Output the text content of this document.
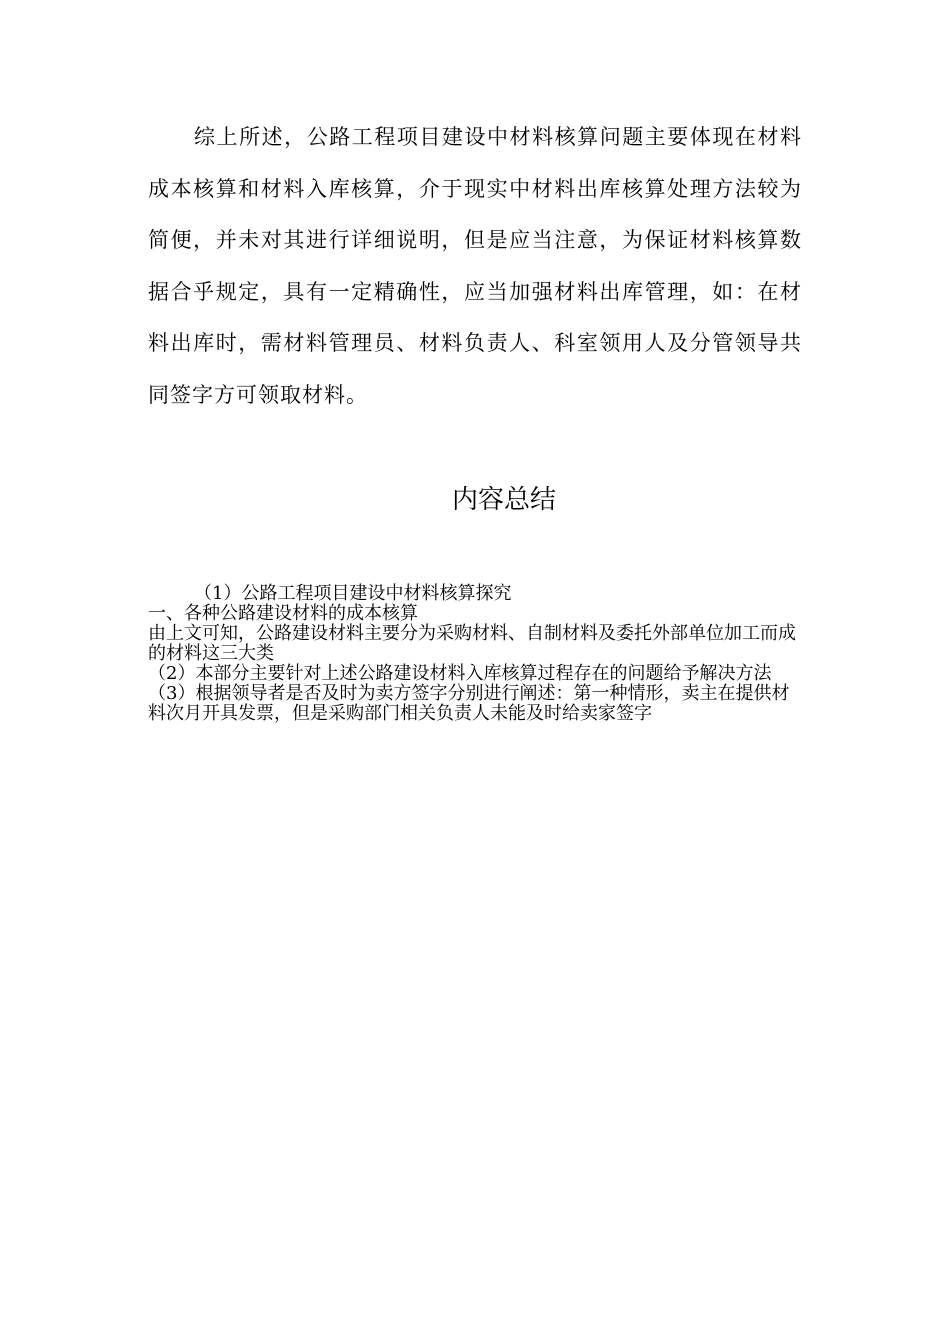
综上所述，公路工程项目建设中材料核算问题主要体现在材料成本核算和材料入库核算，介于现实中材料出库核算处理方法较为简便，并未对其进行详细说明，但是应当注意，为保证材料核算数据合乎规定，具有一定精确性，应当加强材料出库管理，如：在材料出库时，需材料管理员、材料负责人、科室领用人及分管领导共同签字方可领取材料。

内容总结
（1）公路工程项目建设中材料核算探究
一、各种公路建设材料的成本核算
由上文可知，公路建设材料主要分为采购材料、自制材料及委托外部单位加工而成的材料这三大类
（2）本部分主要针对上述公路建设材料入库核算过程存在的问题给予解决方法
（3）根据领导者是否及时为卖方签字分别进行阐述：第一种情形，卖主在提供材料次月开具发票，但是采购部门相关负责人未能及时给卖家签字
